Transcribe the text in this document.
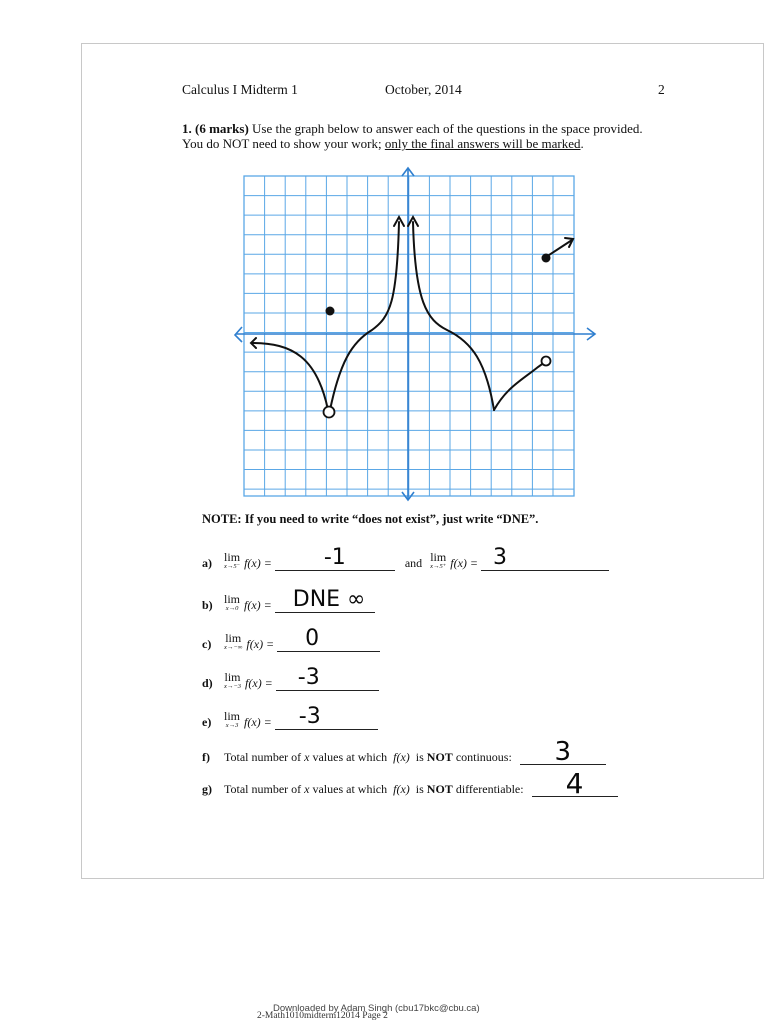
Calculus I Midterm 1	October, 2014	2
1. (6 marks) Use the graph below to answer each of the questions in the space provided.
You do NOT need to show your work; only the final answers will be marked.
NOTE: If you need to write “does not exist”, just write “DNE”.
a)	lim
x→5⁻ f(x) =	-1	and lim
x→5⁺ f(x) = 3
b) lim
x→0 f(x) = DNE ∞
c)	lim
x→−∞ f(x) =	0
d) lim
x→−3 f(x) =	-3
e)	lim
x→3 f(x) =	-3
f)	Total number of x values at which f(x) is NOT continuous:	3
g)	Total number of x values at which f(x) is NOT differentiable:	4
Downloaded by Adam Singh (cbu17bkc@cbu.ca)
2-Math1010midterm12014 Page 2
